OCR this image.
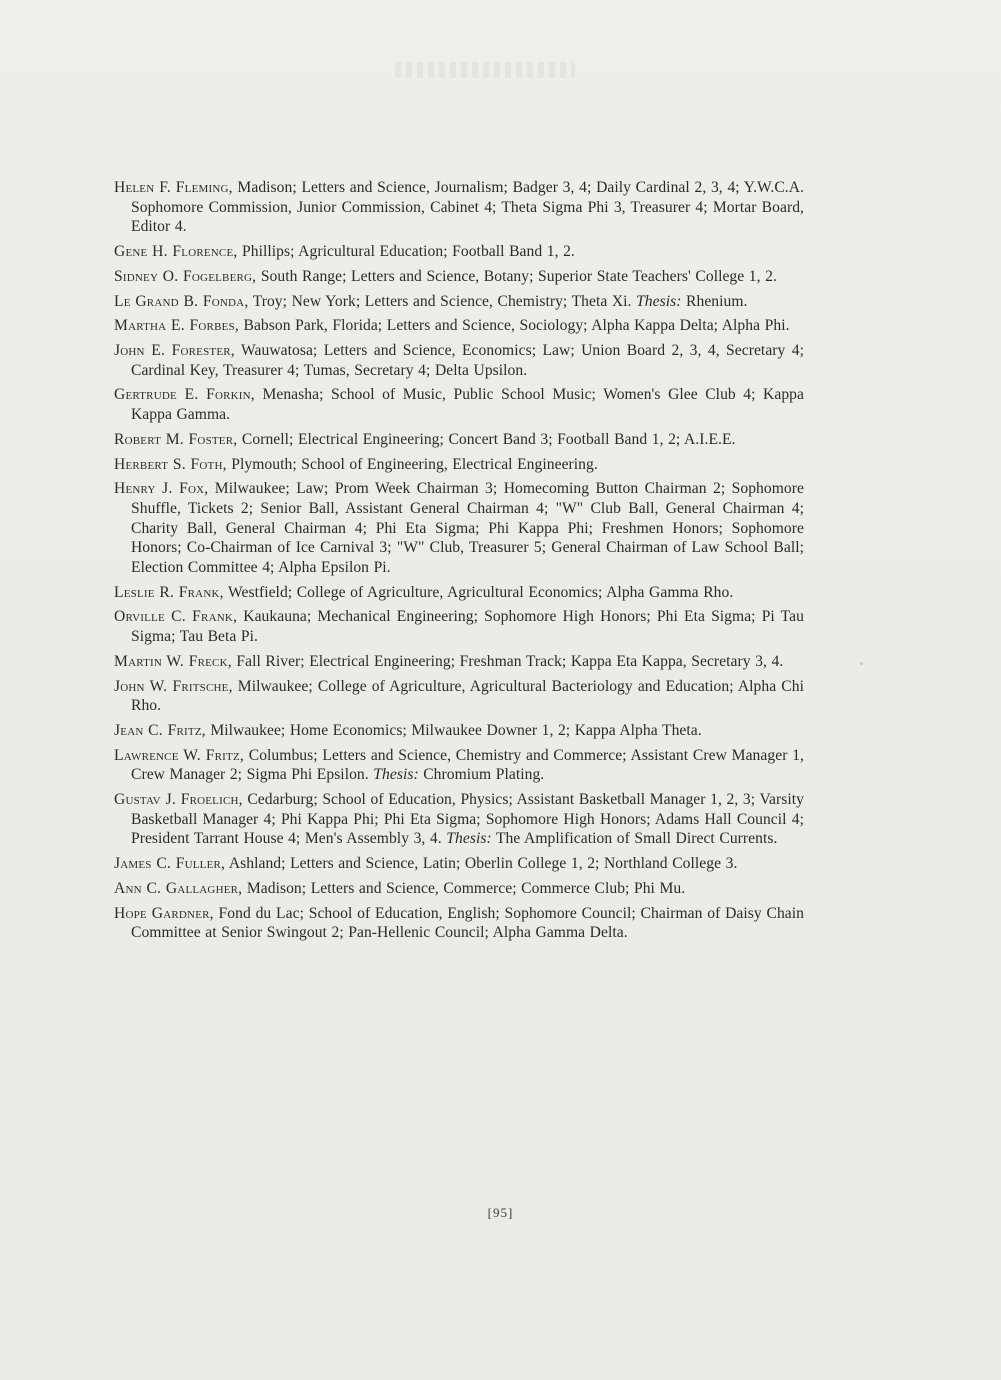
Helen F. Fleming, Madison; Letters and Science, Journalism; Badger 3, 4; Daily Cardinal 2, 3, 4; Y.W.C.A. Sophomore Commission, Junior Commission, Cabinet 4; Theta Sigma Phi 3, Treasurer 4; Mortar Board, Editor 4.
Gene H. Florence, Phillips; Agricultural Education; Football Band 1, 2.
Sidney O. Fogelberg, South Range; Letters and Science, Botany; Superior State Teachers' College 1, 2.
Le Grand B. Fonda, Troy; New York; Letters and Science, Chemistry; Theta Xi. Thesis: Rhenium.
Martha E. Forbes, Babson Park, Florida; Letters and Science, Sociology; Alpha Kappa Delta; Alpha Phi.
John E. Forester, Wauwatosa; Letters and Science, Economics; Law; Union Board 2, 3, 4, Secretary 4; Cardinal Key, Treasurer 4; Tumas, Secretary 4; Delta Upsilon.
Gertrude E. Forkin, Menasha; School of Music, Public School Music; Women's Glee Club 4; Kappa Kappa Gamma.
Robert M. Foster, Cornell; Electrical Engineering; Concert Band 3; Football Band 1, 2; A.I.E.E.
Herbert S. Foth, Plymouth; School of Engineering, Electrical Engineering.
Henry J. Fox, Milwaukee; Law; Prom Week Chairman 3; Homecoming Button Chairman 2; Sophomore Shuffle, Tickets 2; Senior Ball, Assistant General Chairman 4; "W" Club Ball, General Chairman 4; Charity Ball, General Chairman 4; Phi Eta Sigma; Phi Kappa Phi; Freshmen Honors; Sophomore Honors; Co-Chairman of Ice Carnival 3; "W" Club, Treasurer 5; General Chairman of Law School Ball; Election Committee 4; Alpha Epsilon Pi.
Leslie R. Frank, Westfield; College of Agriculture, Agricultural Economics; Alpha Gamma Rho.
Orville C. Frank, Kaukauna; Mechanical Engineering; Sophomore High Honors; Phi Eta Sigma; Pi Tau Sigma; Tau Beta Pi.
Martin W. Freck, Fall River; Electrical Engineering; Freshman Track; Kappa Eta Kappa, Secretary 3, 4.
John W. Fritsche, Milwaukee; College of Agriculture, Agricultural Bacteriology and Education; Alpha Chi Rho.
Jean C. Fritz, Milwaukee; Home Economics; Milwaukee Downer 1, 2; Kappa Alpha Theta.
Lawrence W. Fritz, Columbus; Letters and Science, Chemistry and Commerce; Assistant Crew Manager 1, Crew Manager 2; Sigma Phi Epsilon. Thesis: Chromium Plating.
Gustav J. Froelich, Cedarburg; School of Education, Physics; Assistant Basketball Manager 1, 2, 3; Varsity Basketball Manager 4; Phi Kappa Phi; Phi Eta Sigma; Sophomore High Honors; Adams Hall Council 4; President Tarrant House 4; Men's Assembly 3, 4. Thesis: The Amplification of Small Direct Currents.
James C. Fuller, Ashland; Letters and Science, Latin; Oberlin College 1, 2; Northland College 3.
Ann C. Gallagher, Madison; Letters and Science, Commerce; Commerce Club; Phi Mu.
Hope Gardner, Fond du Lac; School of Education, English; Sophomore Council; Chairman of Daisy Chain Committee at Senior Swingout 2; Pan-Hellenic Council; Alpha Gamma Delta.
[95]
